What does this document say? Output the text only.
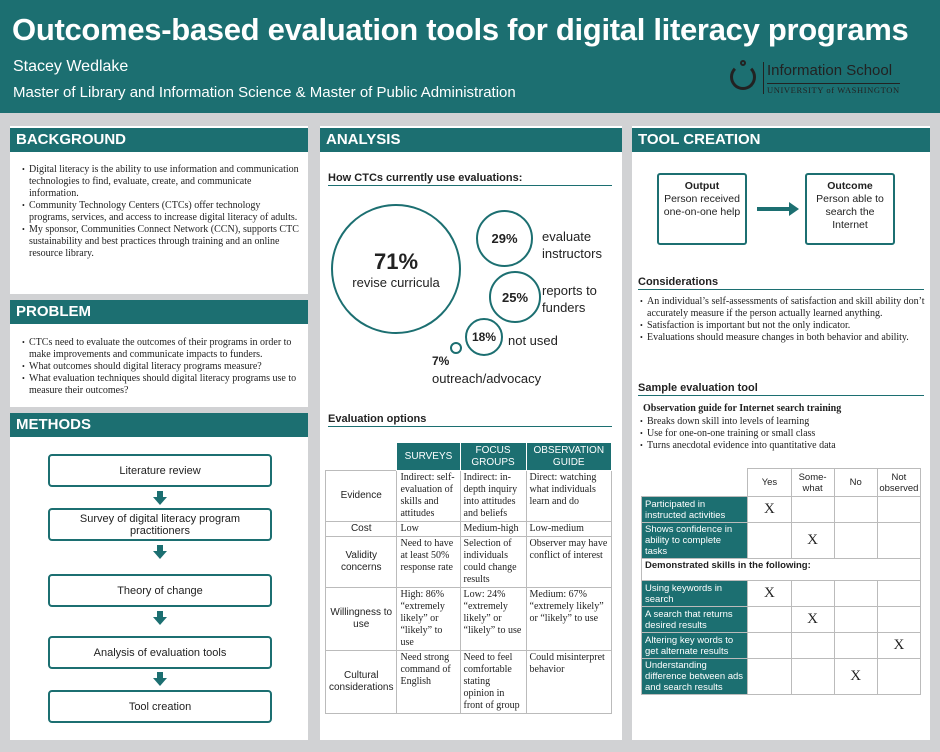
Outcomes-based evaluation tools for digital literacy programs
Stacey Wedlake
Master of Library and Information Science & Master of Public Administration
Information School
UNIVERSITY of WASHINGTON
BACKGROUND
• Digital literacy is the ability to use information and communication technologies to find, evaluate, create, and communicate information.
• Community Technology Centers (CTCs) offer technology programs, services, and access to increase digital literacy of adults.
• My sponsor, Communities Connect Network (CCN), supports CTC sustainability and best practices through training and an online resource library.
PROBLEM
• CTCs need to evaluate the outcomes of their programs in order to make improvements and communicate impacts to funders.
• What outcomes should digital literacy programs measure?
• What evaluation techniques should digital literacy programs use to measure their outcomes?
METHODS
Literature review
Survey of digital literacy program practitioners
Theory of change
Analysis of evaluation tools
Tool creation
ANALYSIS
How CTCs currently use evaluations:
71%
revise curricula
29% evaluate instructors
25% reports to funders
18% not used
7%
outreach/advocacy
Evaluation options
	SURVEYS	FOCUS GROUPS	OBSERVATION GUIDE
Evidence	Indirect: self-evaluation of skills and attitudes	Indirect: in-depth inquiry into attitudes and beliefs	Direct: watching what individuals learn and do
Cost	Low	Medium-high	Low-medium
Validity concerns	Need to have at least 50% response rate	Selection of individuals could change results	Observer may have conflict of interest
Willingness to use	High: 86% “extremely likely” or “likely” to use	Low: 24% “extremely likely” or “likely” to use	Medium: 67% “extremely likely” or “likely” to use
Cultural considerations	Need strong command of English	Need to feel comfortable stating opinion in front of group	Could misinterpret behavior
TOOL CREATION
Output
Person received one-on-one help
Outcome
Person able to search the Internet
Considerations
• An individual’s self-assessments of satisfaction and skill ability don’t accurately measure if the person actually learned anything.
• Satisfaction is important but not the only indicator.
• Evaluations should measure changes in both behavior and ability.
Sample evaluation tool
Observation guide for Internet search training
• Breaks down skill into levels of learning
• Use for one-on-one training or small class
• Turns anecdotal evidence into quantitative data
	Yes	Some-what	No	Not observed
Participated in instructed activities	X			
Shows confidence in ability to complete tasks		X		
Demonstrated skills in the following:				
Using keywords in search	X			
A search that returns desired results		X		
Altering key words to get alternate results				X
Understanding difference between ads and search results			X	
